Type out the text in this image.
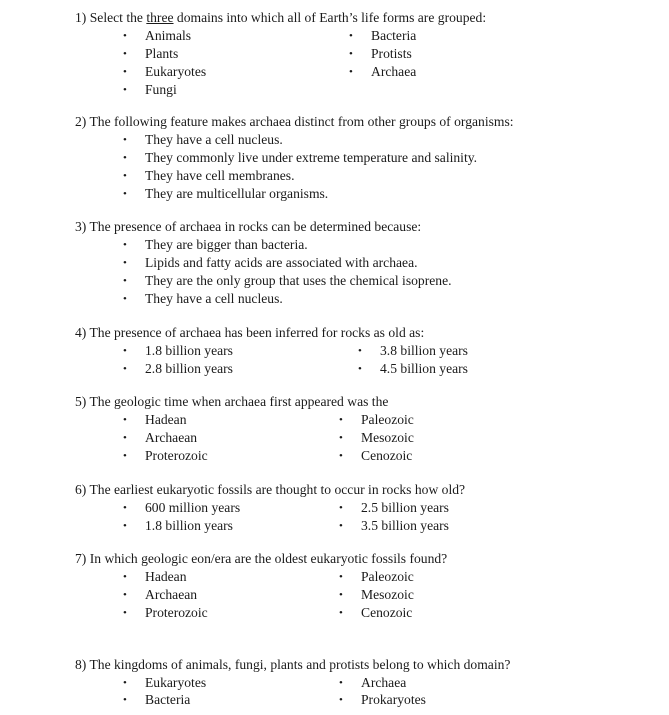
1) Select the three domains into which all of Earth’s life forms are grouped:
•	Animals
•	Plants
•	Eukaryotes
•	Fungi
•	Bacteria
•	Protists
•	Archaea
2) The following feature makes archaea distinct from other groups of organisms:
•	They have a cell nucleus.
•	They commonly live under extreme temperature and salinity.
•	They have cell membranes.
•	They are multicellular organisms.
3) The presence of archaea in rocks can be determined because:
•	They are bigger than bacteria.
•	Lipids and fatty acids are associated with archaea.
•	They are the only group that uses the chemical isoprene.
•	They have a cell nucleus.
4) The presence of archaea has been inferred for rocks as old as:
•	1.8 billion years
•	2.8 billion years
•	3.8 billion years
•	4.5 billion years
5) The geologic time when archaea first appeared was the
•	Hadean
•	Archaean
•	Proterozoic
•	Paleozoic
•	Mesozoic
•	Cenozoic
6) The earliest eukaryotic fossils are thought to occur in rocks how old?
•	600 million years
•	1.8 billion years
•	2.5 billion years
•	3.5 billion years
7) In which geologic eon/era are the oldest eukaryotic fossils found?
•	Hadean
•	Archaean
•	Proterozoic
•	Paleozoic
•	Mesozoic
•	Cenozoic
8) The kingdoms of animals, fungi, plants and protists belong to which domain?
•	Eukaryotes
•	Bacteria
•	Archaea
•	Prokaryotes
